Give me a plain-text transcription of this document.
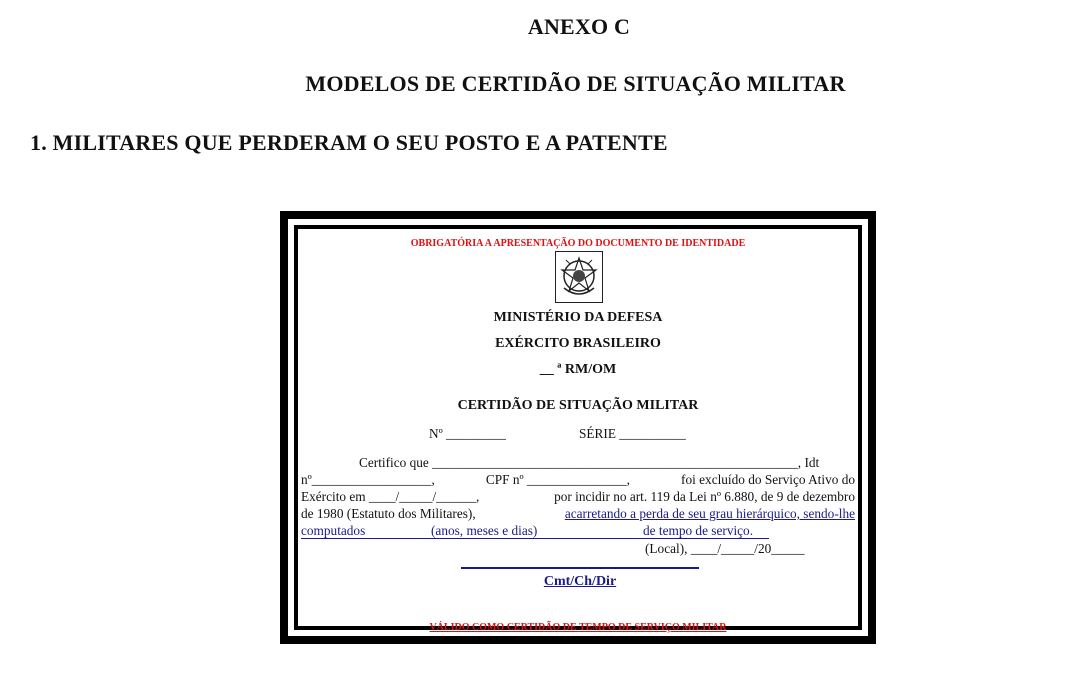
ANEXO C
MODELOS DE CERTIDÃO DE SITUAÇÃO MILITAR
1. MILITARES QUE PERDERAM O SEU POSTO E A PATENTE
OBRIGATÓRIA A APRESENTAÇÃO DO DOCUMENTO DE IDENTIDADE
MINISTÉRIO DA DEFESA
EXÉRCITO BRASILEIRO
__ ª RM/OM
CERTIDÃO DE SITUAÇÃO MILITAR
Nº _________	SÉRIE __________
Certifico que _______________________________________________________, Idt
nº__________________,	CPF nº _______________,	foi excluído do Serviço Ativo do
Exército em ____/_____/______,	por incidir no art. 119 da Lei nº 6.880, de 9 de dezembro
de 1980 (Estatuto dos Militares),	acarretando a perda de seu grau hierárquico, sendo-lhe
computados	(anos, meses e dias)	de tempo de serviço.
(Local), ____/_____/20_____
Cmt/Ch/Dir
VÁLIDO COMO CERTIDÃO DE TEMPO DE SERVIÇO MILITAR
